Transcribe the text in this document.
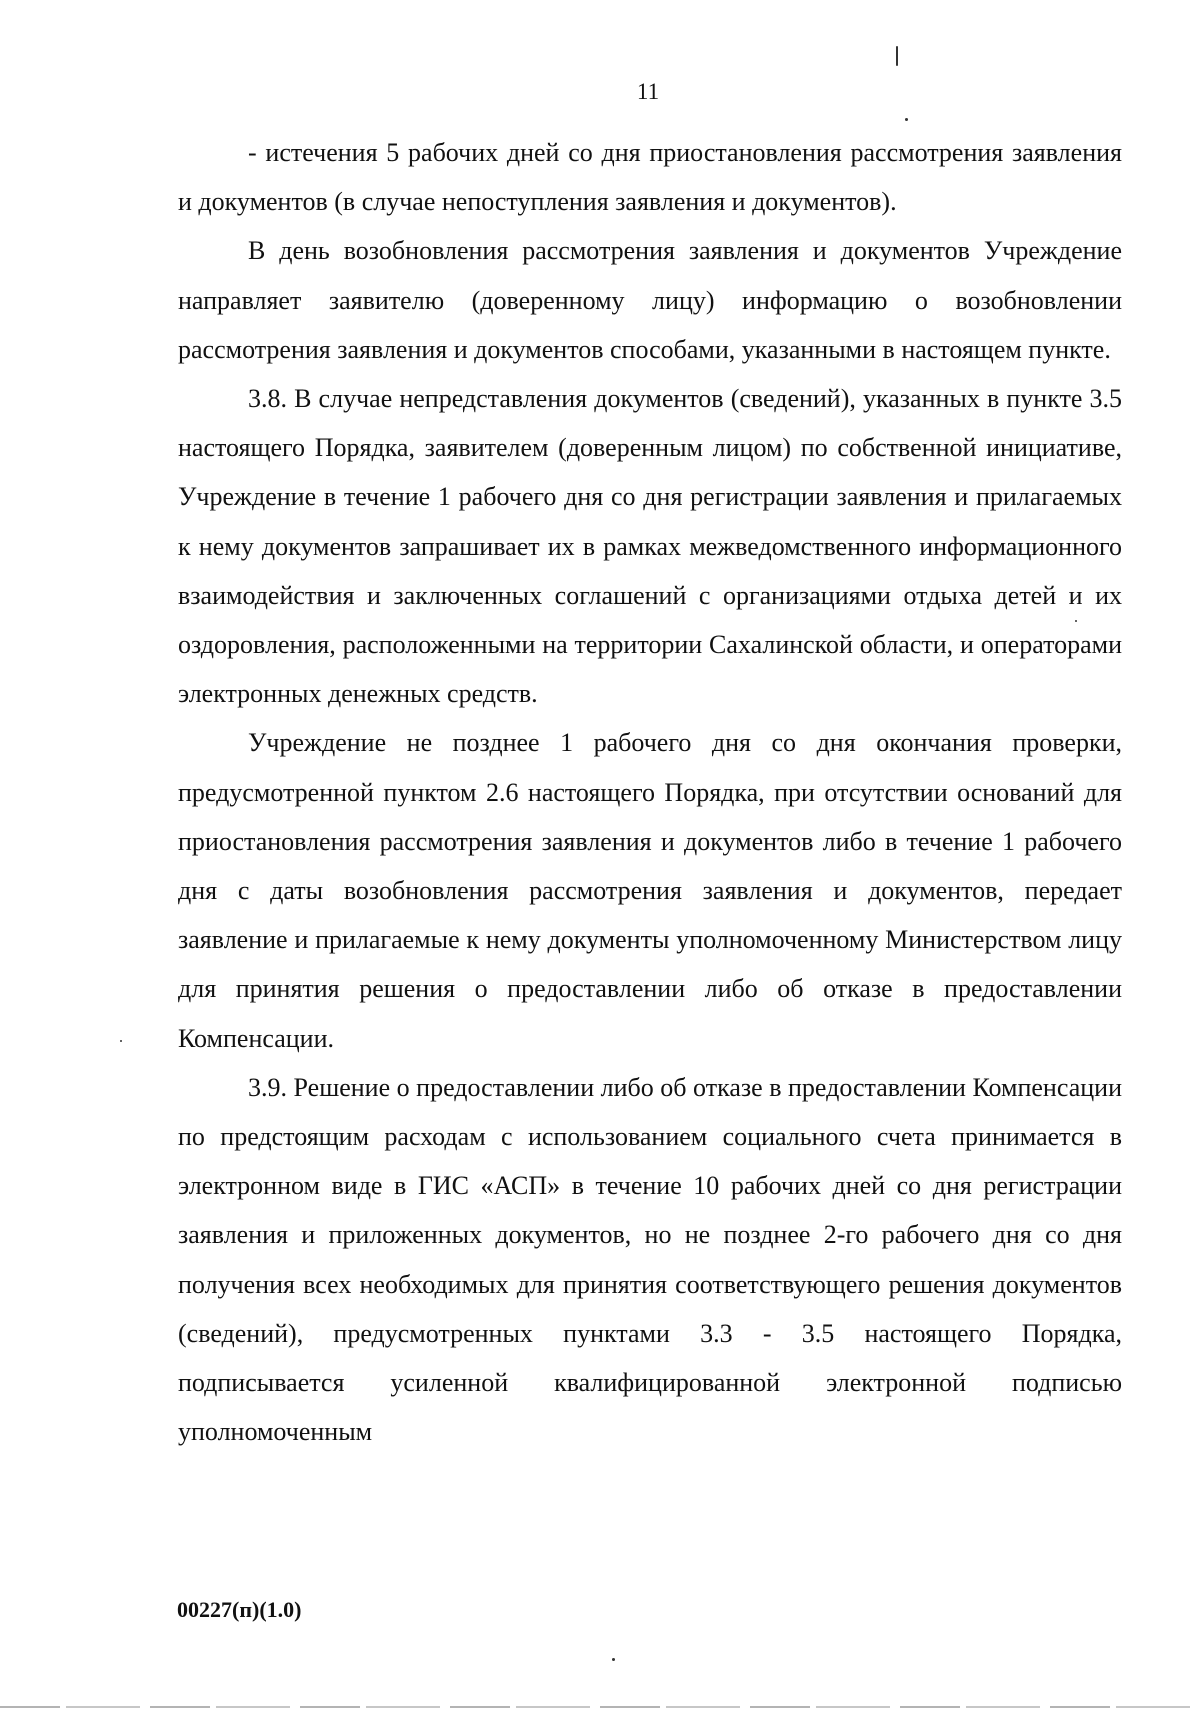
11

- истечения 5 рабочих дней со дня приостановления рассмотрения заявления и документов (в случае непоступления заявления и документов).

В день возобновления рассмотрения заявления и документов Учреждение направляет заявителю (доверенному лицу) информацию о возобновлении рассмотрения заявления и документов способами, указанными в настоящем пункте.

3.8. В случае непредставления документов (сведений), указанных в пункте 3.5 настоящего Порядка, заявителем (доверенным лицом) по собственной инициативе, Учреждение в течение 1 рабочего дня со дня регистрации заявления и прилагаемых к нему документов запрашивает их в рамках межведомственного информационного взаимодействия и заключенных соглашений с организациями отдыха детей и их оздоровления, расположенными на территории Сахалинской области, и операторами электронных денежных средств.

Учреждение не позднее 1 рабочего дня со дня окончания проверки, предусмотренной пунктом 2.6 настоящего Порядка, при отсутствии оснований для приостановления рассмотрения заявления и документов либо в течение 1 рабочего дня с даты возобновления рассмотрения заявления и документов, передает заявление и прилагаемые к нему документы уполномоченному Министерством лицу для принятия решения о предоставлении либо об отказе в предоставлении Компенсации.

3.9. Решение о предоставлении либо об отказе в предоставлении Компенсации по предстоящим расходам с использованием социального счета принимается в электронном виде в ГИС «АСП» в течение 10 рабочих дней со дня регистрации заявления и приложенных документов, но не позднее 2-го рабочего дня со дня получения всех необходимых для принятия соответствующего решения документов (сведений), предусмотренных пунктами 3.3 - 3.5 настоящего Порядка, подписывается усиленной квалифицированной электронной подписью уполномоченным

00227(п)(1.0)
